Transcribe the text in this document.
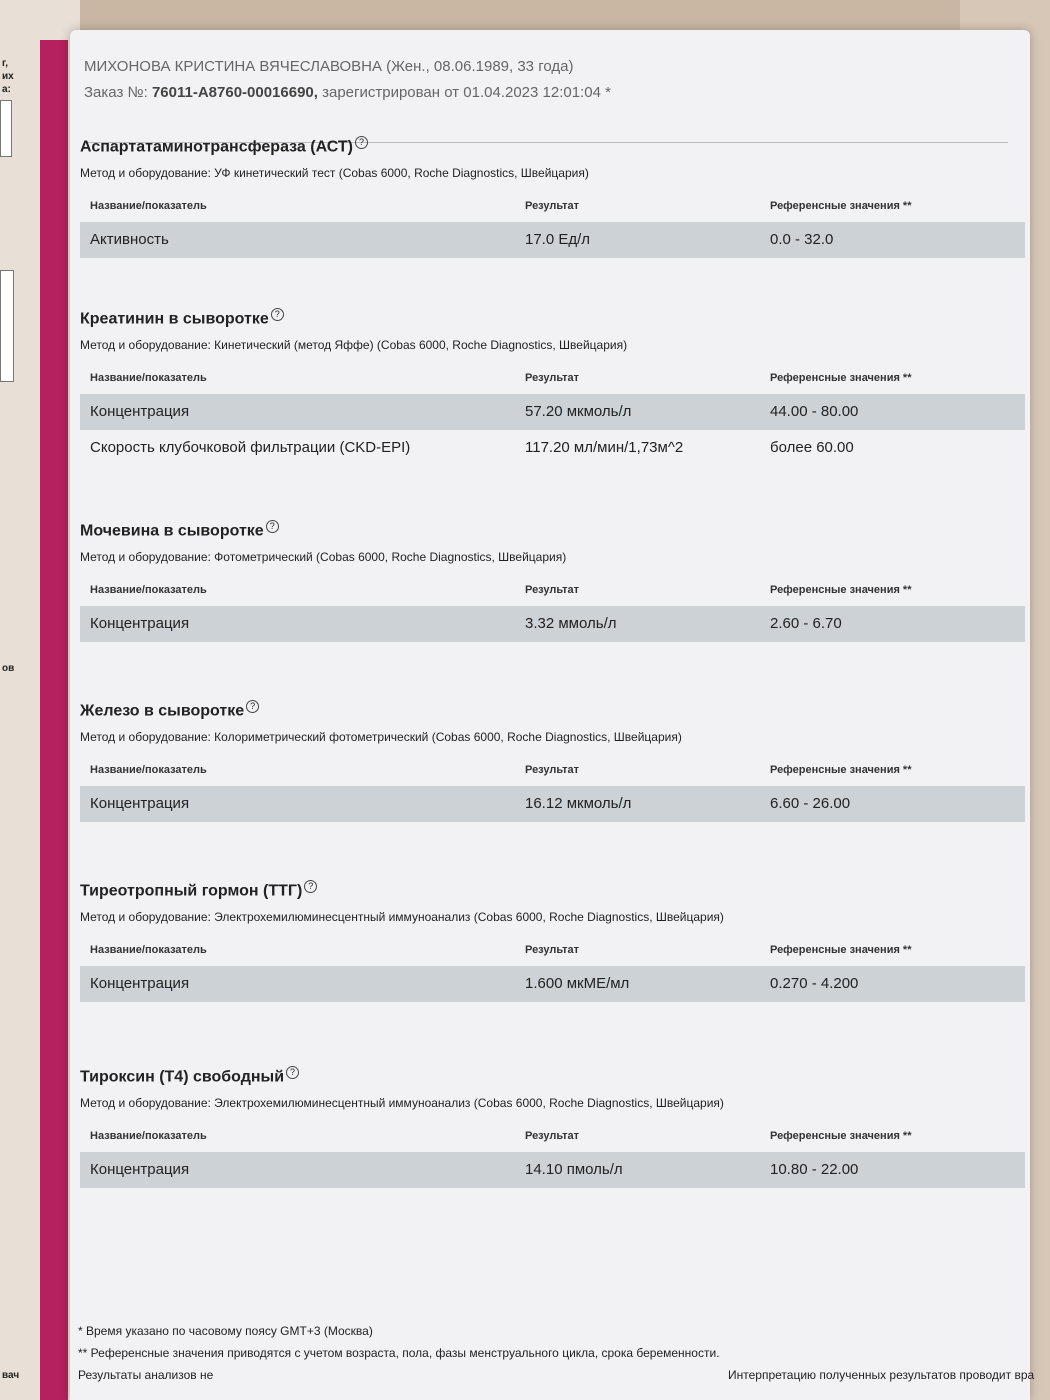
г,
их
а:
ов
вач
МИХОНОВА КРИСТИНА ВЯЧЕСЛАВОВНА (Жен., 08.06.1989, 33 года)
Заказ №: 76011-A8760-00016690, зарегистрирован от 01.04.2023 12:01:04 *
Аспартатаминотрансфераза (АСТ) ?
Метод и оборудование: УФ кинетический тест (Cobas 6000, Roche Diagnostics, Швейцария)
Название/показатель	Результат	Референсные значения **
Активность	17.0 Ед/л	0.0 - 32.0
Креатинин в сыворотке ?
Метод и оборудование: Кинетический (метод Яффе) (Cobas 6000, Roche Diagnostics, Швейцария)
Название/показатель	Результат	Референсные значения **
Концентрация	57.20 мкмоль/л	44.00 - 80.00
Скорость клубочковой фильтрации (CKD-EPI)	117.20 мл/мин/1,73м^2	более 60.00
Мочевина в сыворотке ?
Метод и оборудование: Фотометрический (Cobas 6000, Roche Diagnostics, Швейцария)
Название/показатель	Результат	Референсные значения **
Концентрация	3.32 ммоль/л	2.60 - 6.70
Железо в сыворотке ?
Метод и оборудование: Колориметрический фотометрический (Cobas 6000, Roche Diagnostics, Швейцария)
Название/показатель	Результат	Референсные значения **
Концентрация	16.12 мкмоль/л	6.60 - 26.00
Тиреотропный гормон (ТТГ) ?
Метод и оборудование: Электрохемилюминесцентный иммуноанализ (Cobas 6000, Roche Diagnostics, Швейцария)
Название/показатель	Результат	Референсные значения **
Концентрация	1.600 мкМЕ/мл	0.270 - 4.200
Тироксин (Т4) свободный ?
Метод и оборудование: Электрохемилюминесцентный иммуноанализ (Cobas 6000, Roche Diagnostics, Швейцария)
Название/показатель	Результат	Референсные значения **
Концентрация	14.10 пмоль/л	10.80 - 22.00
* Время указано по часовому поясу GMT+3 (Москва)
** Референсные значения приводятся с учетом возраста, пола, фазы менструального цикла, срока беременности.
Результаты анализов не	Интерпретацию полученных результатов проводит вра
